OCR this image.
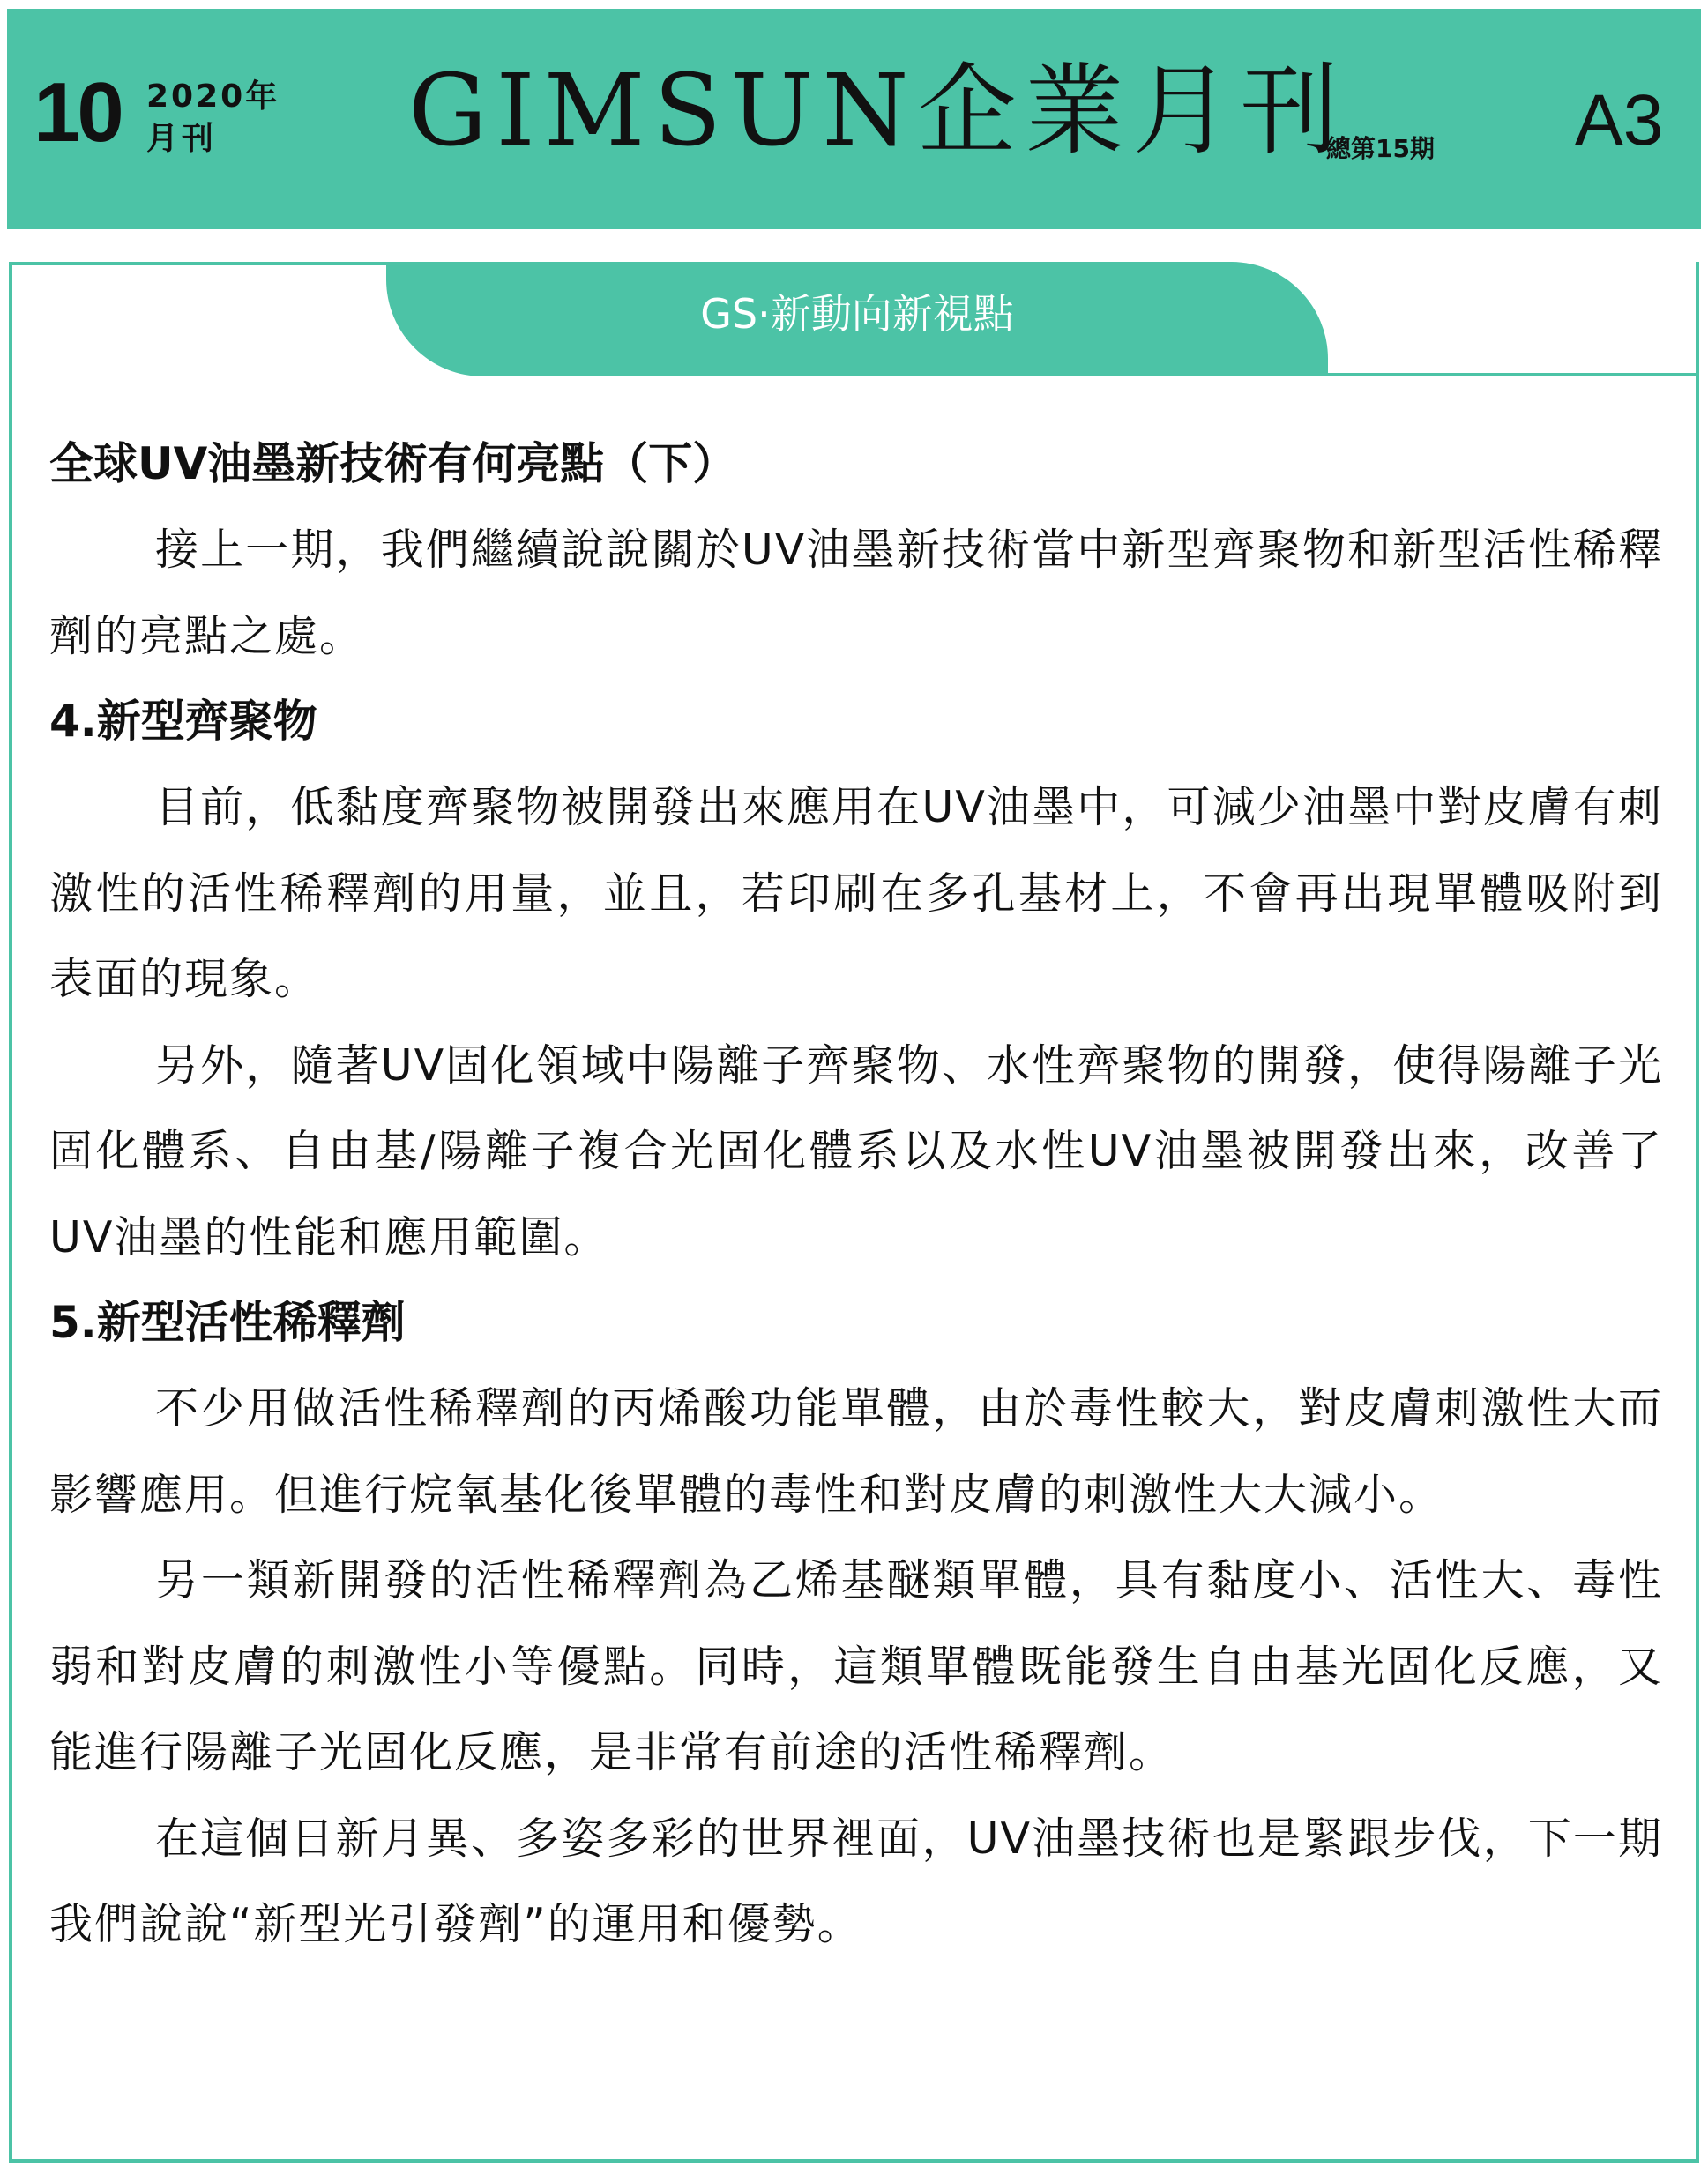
10 2020年
月刊 GIMSUN企業月刊
總第15期 A3
GS·新動向新視點
全球UV油墨新技術有何亮點（下）

接上一期，我們繼續說說關於UV油墨新技術當中新型齊聚物和新型活性稀釋劑的亮點之處。

4.新型齊聚物

目前，低黏度齊聚物被開發出來應用在UV油墨中，可減少油墨中對皮膚有刺激性的活性稀釋劑的用量，並且，若印刷在多孔基材上，不會再出現單體吸附到表面的現象。

另外，隨著UV固化領域中陽離子齊聚物、水性齊聚物的開發，使得陽離子光固化體系、自由基/陽離子複合光固化體系以及水性UV油墨被開發出來，改善了UV油墨的性能和應用範圍。

5.新型活性稀釋劑

不少用做活性稀釋劑的丙烯酸功能單體，由於毒性較大，對皮膚刺激性大而影響應用。但進行烷氧基化後單體的毒性和對皮膚的刺激性大大減小。

另一類新開發的活性稀釋劑為乙烯基醚類單體，具有黏度小、活性大、毒性弱和對皮膚的刺激性小等優點。同時，這類單體既能發生自由基光固化反應，又能進行陽離子光固化反應，是非常有前途的活性稀釋劑。

在這個日新月異、多姿多彩的世界裡面，UV油墨技術也是緊跟步伐，下一期我們說說“新型光引發劑”的運用和優勢。
